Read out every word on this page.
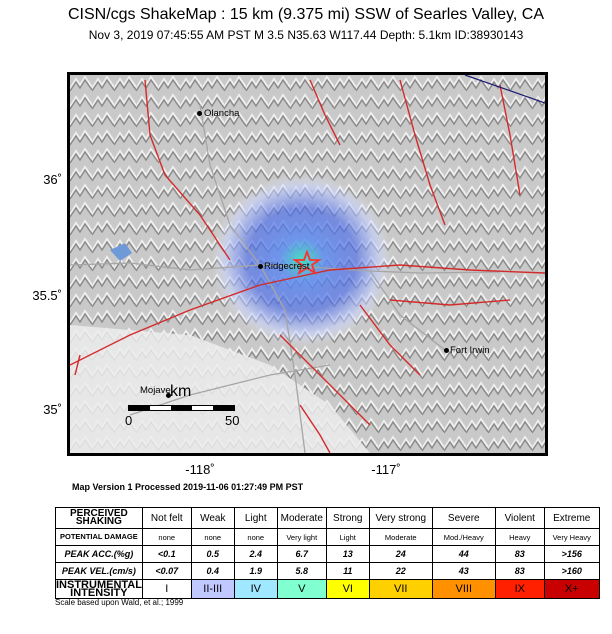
CISN/cgs ShakeMap : 15 km (9.375 mi) SSW of Searles Valley, CA
Nov 3, 2019 07:45:55 AM PST M 3.5 N35.63 W117.44 Depth: 5.1km ID:38930143
Olancha
Ridgecrest
Fort Irwin
Mojave km
0	50
36˚
35.5˚
35˚
-118˚	-117˚
Map Version 1 Processed 2019-11-06 01:27:49 PM PST
PERCEIVED SHAKING	Not felt	Weak	Light	Moderate	Strong	Very strong	Severe	Violent	Extreme
POTENTIAL DAMAGE	none	none	none	Very light	Light	Moderate	Mod./Heavy	Heavy	Very Heavy
PEAK ACC.(%g)	<0.1	0.5	2.4	6.7	13	24	44	83	>156
PEAK VEL.(cm/s)	<0.07	0.4	1.9	5.8	11	22	43	83	>160
INSTRUMENTAL INTENSITY	I	II-III	IV	V	VI	VII	VIII	IX	X+
Scale based upon Wald, et al.; 1999
